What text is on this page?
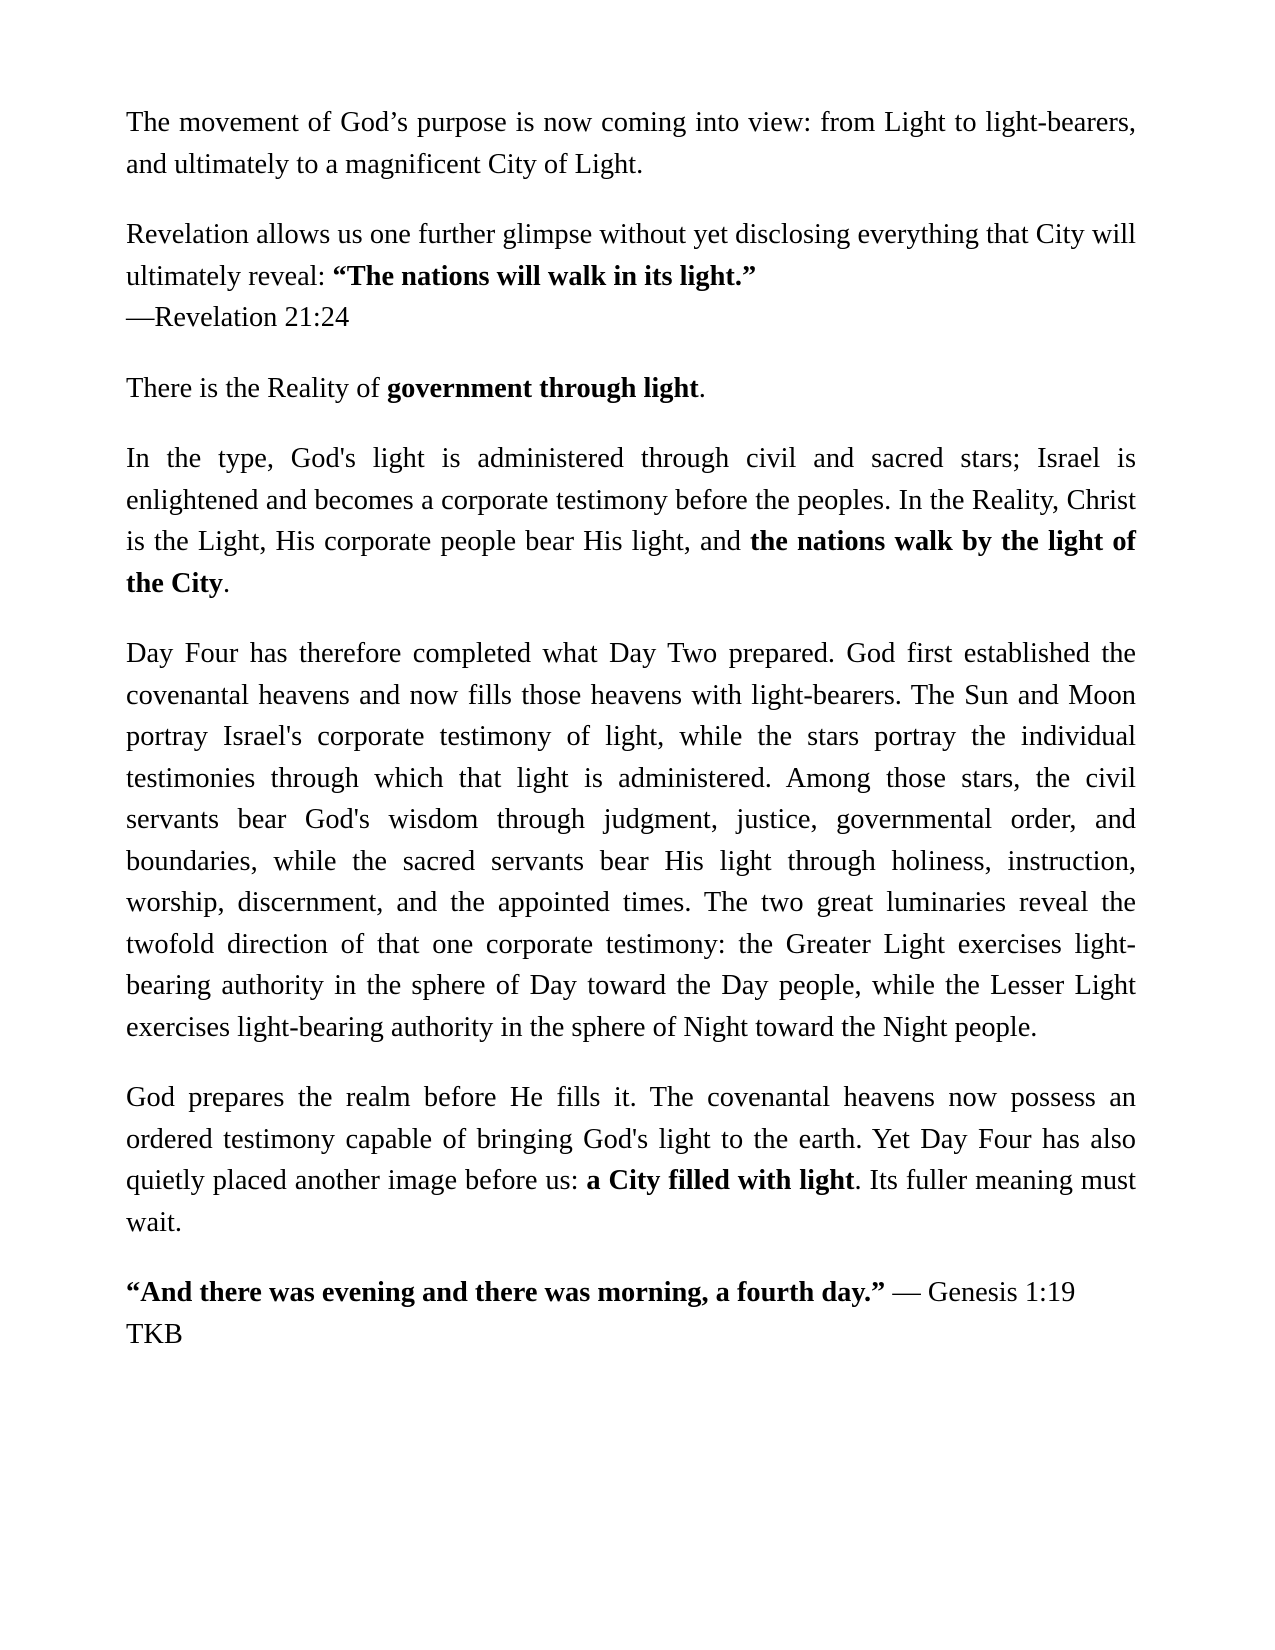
The movement of God’s purpose is now coming into view: from Light to light-bearers, and ultimately to a magnificent City of Light.

Revelation allows us one further glimpse without yet disclosing everything that City will ultimately reveal: “The nations will walk in its light.”
—Revelation 21:24

There is the Reality of government through light.

In the type, God's light is administered through civil and sacred stars; Israel is enlightened and becomes a corporate testimony before the peoples. In the Reality, Christ is the Light, His corporate people bear His light, and the nations walk by the light of the City.

Day Four has therefore completed what Day Two prepared. God first established the covenantal heavens and now fills those heavens with light-bearers. The Sun and Moon portray Israel's corporate testimony of light, while the stars portray the individual testimonies through which that light is administered. Among those stars, the civil servants bear God's wisdom through judgment, justice, governmental order, and boundaries, while the sacred servants bear His light through holiness, instruction, worship, discernment, and the appointed times. The two great luminaries reveal the twofold direction of that one corporate testimony: the Greater Light exercises light-bearing authority in the sphere of Day toward the Day people, while the Lesser Light exercises light-bearing authority in the sphere of Night toward the Night people.

God prepares the realm before He fills it. The covenantal heavens now possess an ordered testimony capable of bringing God's light to the earth. Yet Day Four has also quietly placed another image before us: a City filled with light. Its fuller meaning must wait.

“And there was evening and there was morning, a fourth day.” — Genesis 1:19 TKB
